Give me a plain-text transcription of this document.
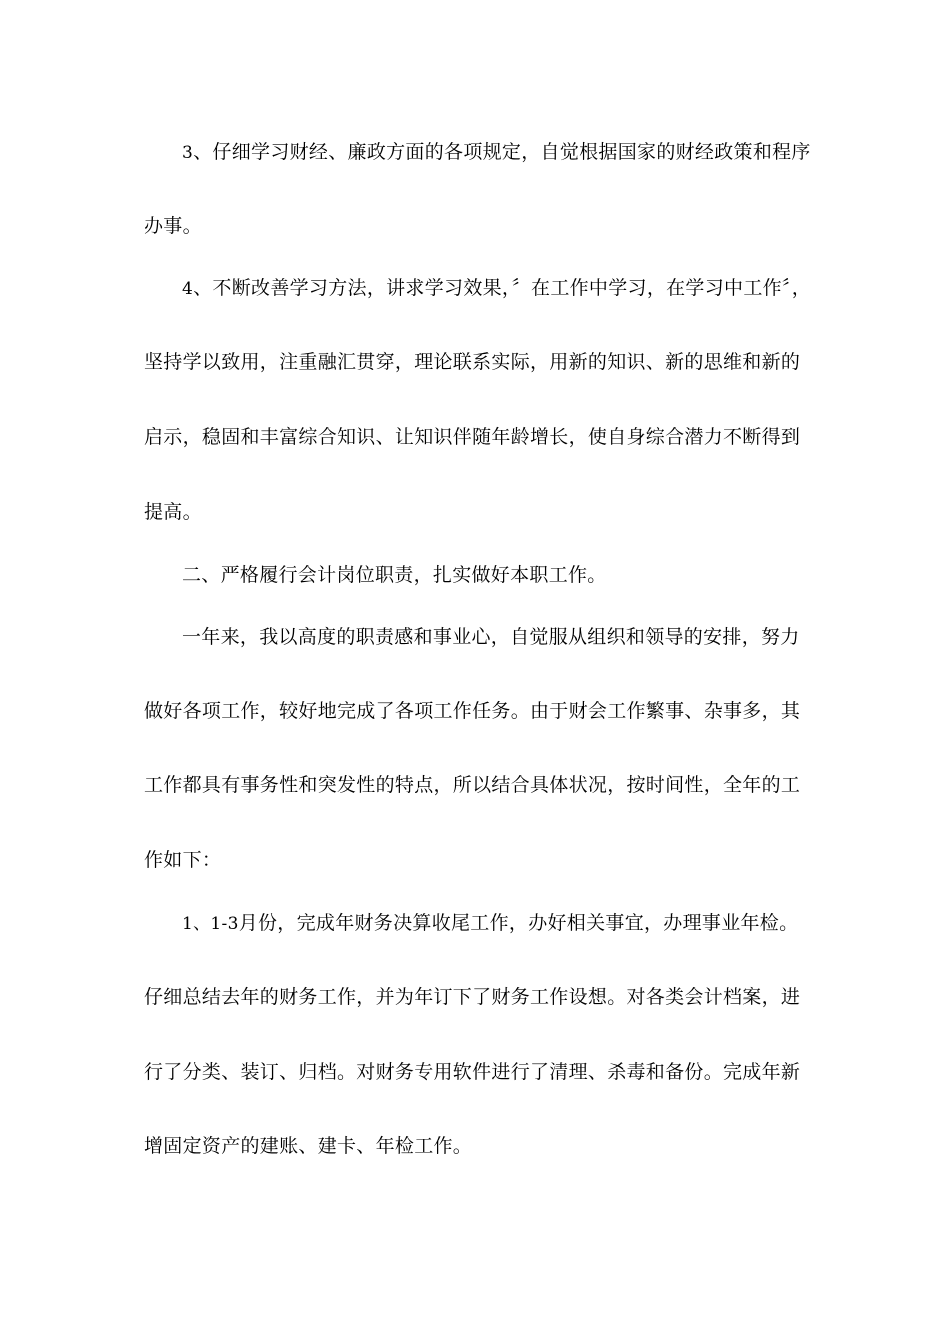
3、仔细学习财经、廉政方面的各项规定，自觉根据国家的财经政策和程序
办事。
4、不断改善学习方法，讲求学习效果，〞在工作中学习，在学习中工作〞，
坚持学以致用，注重融汇贯穿，理论联系实际，用新的知识、新的思维和新的
启示，稳固和丰富综合知识、让知识伴随年龄增长，使自身综合潜力不断得到
提高。
二、严格履行会计岗位职责，扎实做好本职工作。
一年来，我以高度的职责感和事业心，自觉服从组织和领导的安排，努力
做好各项工作，较好地完成了各项工作任务。由于财会工作繁事、杂事多，其
工作都具有事务性和突发性的特点，所以结合具体状况，按时间性，全年的工
作如下：
1、1-3月份，完成年财务决算收尾工作，办好相关事宜，办理事业年检。
仔细总结去年的财务工作，并为年订下了财务工作设想。对各类会计档案，进
行了分类、装订、归档。对财务专用软件进行了清理、杀毒和备份。完成年新
增固定资产的建账、建卡、年检工作。
